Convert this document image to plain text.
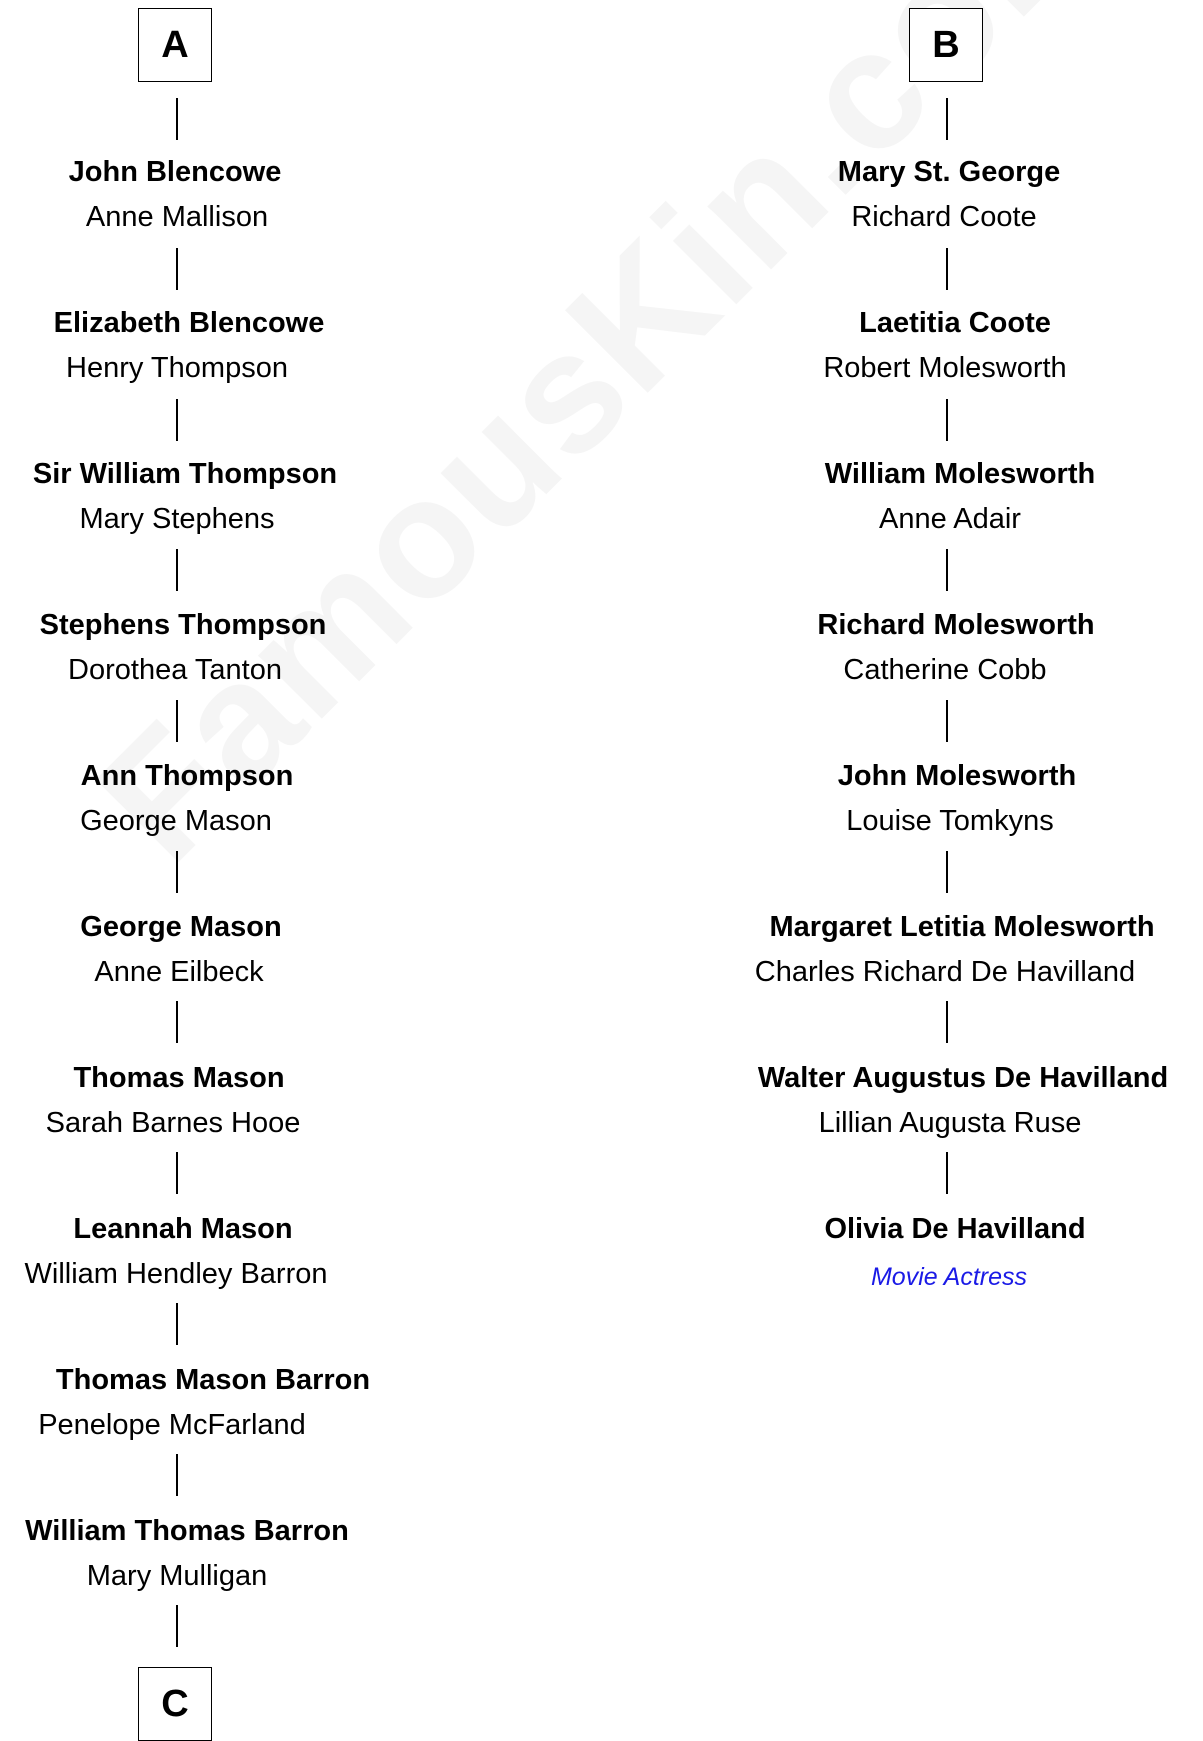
A
John Blencowe
Anne Mallison
Elizabeth Blencowe
Henry Thompson
Sir William Thompson
Mary Stephens
Stephens Thompson
Dorothea Tanton
Ann Thompson
George Mason
George Mason
Anne Eilbeck
Thomas Mason
Sarah Barnes Hooe
Leannah Mason
William Hendley Barron
Thomas Mason Barron
Penelope McFarland
William Thomas Barron
Mary Mulligan
C
B
Mary St. George
Richard Coote
Laetitia Coote
Robert Molesworth
William Molesworth
Anne Adair
Richard Molesworth
Catherine Cobb
John Molesworth
Louise Tomkyns
Margaret Letitia Molesworth
Charles Richard De Havilland
Walter Augustus De Havilland
Lillian Augusta Ruse
Olivia De Havilland
Movie Actress
